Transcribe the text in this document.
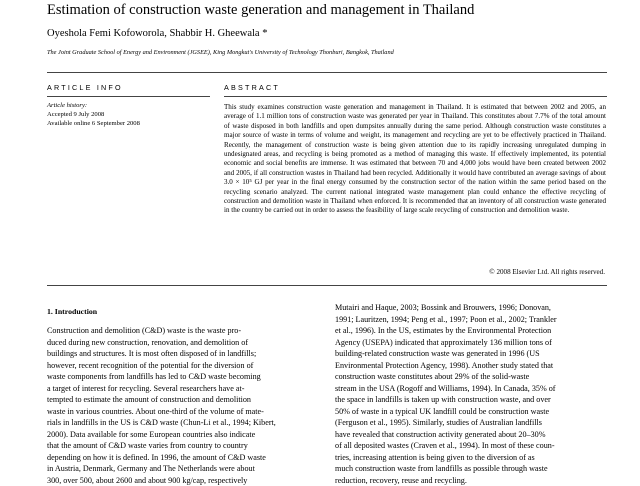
Estimation of construction waste generation and management in Thailand
Oyeshola Femi Kofoworola, Shabbir H. Gheewala *
The Joint Graduate School of Energy and Environment (JGSEE), King Mongkut's University of Technology Thonburi, Bangkok, Thailand
ARTICLE INFO
Article history:
Accepted 9 July 2008
Available online 6 September 2008
ABSTRACT
This study examines construction waste generation and management in Thailand. It is estimated that between 2002 and 2005, an average of 1.1 million tons of construction waste was generated per year in Thailand. This constitutes about 7.7% of the total amount of waste disposed in both landfills and open dumpsites annually during the same period. Although construction waste constitutes a major source of waste in terms of volume and weight, its management and recycling are yet to be effectively practiced in Thailand. Recently, the management of construction waste is being given attention due to its rapidly increasing unregulated dumping in undesignated areas, and recycling is being promoted as a method of managing this waste. If effectively implemented, its potential economic and social benefits are immense. It was estimated that between 70 and 4,000 jobs would have been created between 2002 and 2005, if all construction wastes in Thailand had been recycled. Additionally it would have contributed an average savings of about 3.0 × 10⁵ GJ per year in the final energy consumed by the construction sector of the nation within the same period based on the recycling scenario analyzed. The current national integrated waste management plan could enhance the effective recycling of construction and demolition waste in Thailand when enforced. It is recommended that an inventory of all construction waste generated in the country be carried out in order to assess the feasibility of large scale recycling of construction and demolition waste.
© 2008 Elsevier Ltd. All rights reserved.
1. Introduction
Construction and demolition (C&D) waste is the waste pro-
duced during new construction, renovation, and demolition of
buildings and structures. It is most often disposed of in landfills;
however, recent recognition of the potential for the diversion of
waste components from landfills has led to C&D waste becoming
a target of interest for recycling. Several researchers have at-
tempted to estimate the amount of construction and demolition
waste in various countries. About one-third of the volume of mate-
rials in landfills in the US is C&D waste (Chun-Li et al., 1994; Kibert,
2000). Data available for some European countries also indicate
that the amount of C&D waste varies from country to country
depending on how it is defined. In 1996, the amount of C&D waste
in Austria, Denmark, Germany and The Netherlands were about
300, over 500, about 2600 and about 900 kg/cap, respectively
Mutairi and Haque, 2003; Bossink and Brouwers, 1996; Donovan,
1991; Lauritzen, 1994; Peng et al., 1997; Poon et al., 2002; Trankler
et al., 1996). In the US, estimates by the Environmental Protection
Agency (USEPA) indicated that approximately 136 million tons of
building-related construction waste was generated in 1996 (US
Environmental Protection Agency, 1998). Another study stated that
construction waste constitutes about 29% of the solid-waste
stream in the USA (Rogoff and Williams, 1994). In Canada, 35% of
the space in landfills is taken up with construction waste, and over
50% of waste in a typical UK landfill could be construction waste
(Ferguson et al., 1995). Similarly, studies of Australian landfills
have revealed that construction activity generated about 20–30%
of all deposited wastes (Craven et al., 1994). In most of these coun-
tries, increasing attention is being given to the diversion of as
much construction waste from landfills as possible through waste
reduction, recovery, reuse and recycling.
